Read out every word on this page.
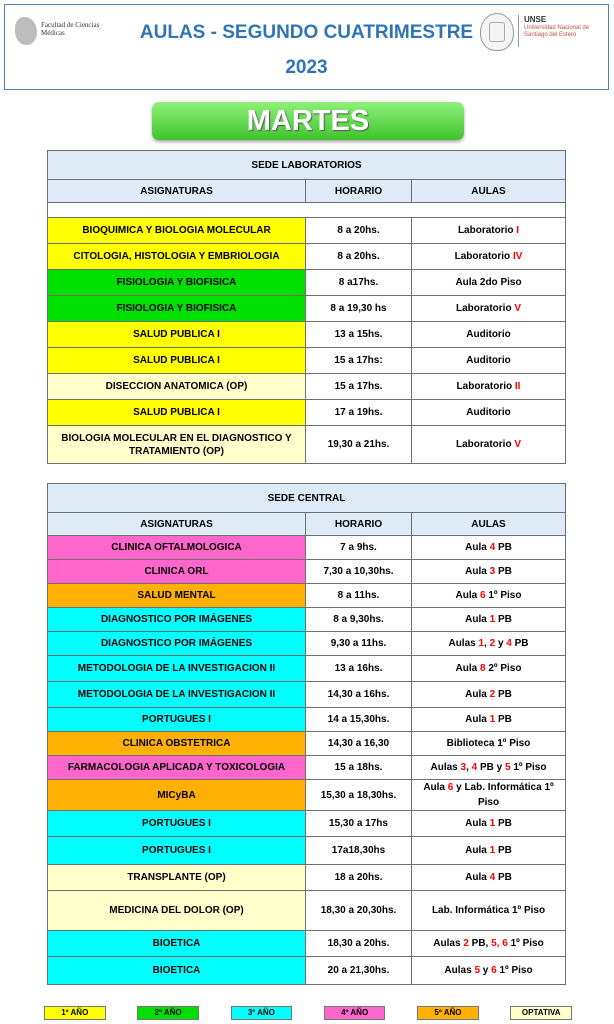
Facultad de Ciencias Médicas	AULAS - SEGUNDO CUATRIMESTRE
2023
UNSE
Universidad Nacional de Santiago del Estero
MARTES
SEDE LABORATORIOS		
ASIGNATURAS	HORARIO	AULAS

BIOQUIMICA Y BIOLOGIA MOLECULAR	8 a 20hs.	Laboratorio I
CITOLOGIA, HISTOLOGIA Y EMBRIOLOGIA	8 a 20hs.	Laboratorio IV
FISIOLOGIA Y BIOFISICA	8 a17hs.	Aula 2do Piso
FISIOLOGIA Y BIOFISICA	8 a 19,30 hs	Laboratorio V
SALUD PUBLICA I	13 a 15hs.	Auditorio
SALUD PUBLICA I	15 a 17hs:	Auditorio
DISECCION ANATOMICA (OP)	15 a 17hs.	Laboratorio II
SALUD PUBLICA I	17 a 19hs.	Auditorio
BIOLOGIA MOLECULAR EN EL DIAGNOSTICO Y TRATAMIENTO (OP)	19,30 a 21hs.	Laboratorio V
SEDE CENTRAL		
ASIGNATURAS	HORARIO	AULAS
CLINICA OFTALMOLOGICA	7 a 9hs.	Aula 4 PB
CLINICA ORL	7,30 a 10,30hs.	Aula 3 PB
SALUD MENTAL	8 a 11hs.	Aula 6 1º Piso
DIAGNOSTICO POR IMÁGENES	8 a 9,30hs.	Aula 1 PB
DIAGNOSTICO POR IMÁGENES	9,30 a 11hs.	Aulas 1, 2 y 4 PB
METODOLOGIA DE LA INVESTIGACION II	13 a 16hs.	Aula 8 2º Piso
METODOLOGIA DE LA INVESTIGACION II	14,30 a 16hs.	Aula 2 PB
PORTUGUES I	14 a 15,30hs.	Aula 1 PB
CLINICA OBSTETRICA	14,30 a 16,30	Biblioteca 1º Piso
FARMACOLOGIA APLICADA Y TOXICOLOGIA	15 a 18hs.	Aulas 3, 4 PB y 5 1º Piso
MICyBA	15,30 a 18,30hs.	Aula 6 y Lab. Informática 1º Piso
PORTUGUES I	15,30 a 17hs	Aula 1 PB
PORTUGUES I	17a18,30hs	Aula 1 PB
TRANSPLANTE (OP)	18 a 20hs.	Aula 4 PB
MEDICINA DEL DOLOR (OP)	18,30 a 20,30hs.	Lab. Informática 1º Piso
BIOETICA	18,30 a 20hs.	Aulas 2 PB, 5, 6 1º Piso
BIOETICA	20 a 21,30hs.	Aulas 5 y 6 1º Piso
1º AÑO	2º AÑO	3º AÑO	4º AÑO	5º AÑO	OPTATIVA
